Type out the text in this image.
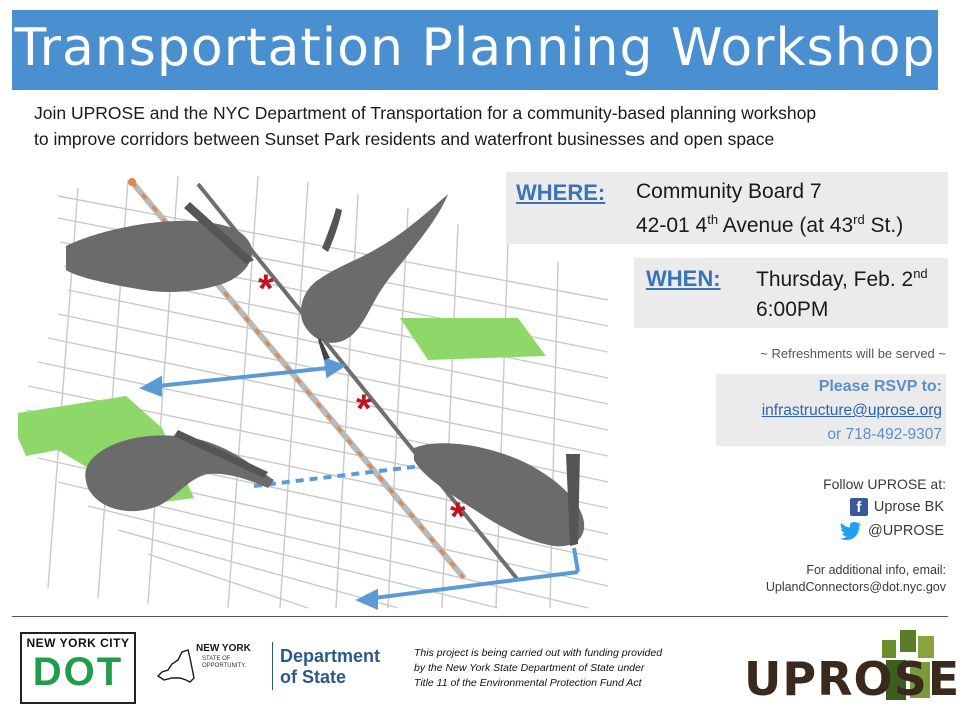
Transportation Planning Workshop
Join UPROSE and the NYC Department of Transportation for a community-based planning workshop
to improve corridors between Sunset Park residents and waterfront businesses and open space
*
*
*
WHERE: Community Board 7
42-01 4th Avenue (at 43rd St.)
WHEN: Thursday, Feb. 2nd
6:00PM
~ Refreshments will be served ~
Please RSVP to:
infrastructure@uprose.org
or 718-492-9307
Follow UPROSE at:
f Uprose BK
@UPROSE
For additional info, email:
UplandConnectors@dot.nyc.gov
NEW YORK CITY
DOT
NEW YORK
STATE OF
OPPORTUNITY. Department
of State
This project is being carried out with funding provided
by the New York State Department of State under
Title 11 of the Environmental Protection Fund Act	UPROSE
